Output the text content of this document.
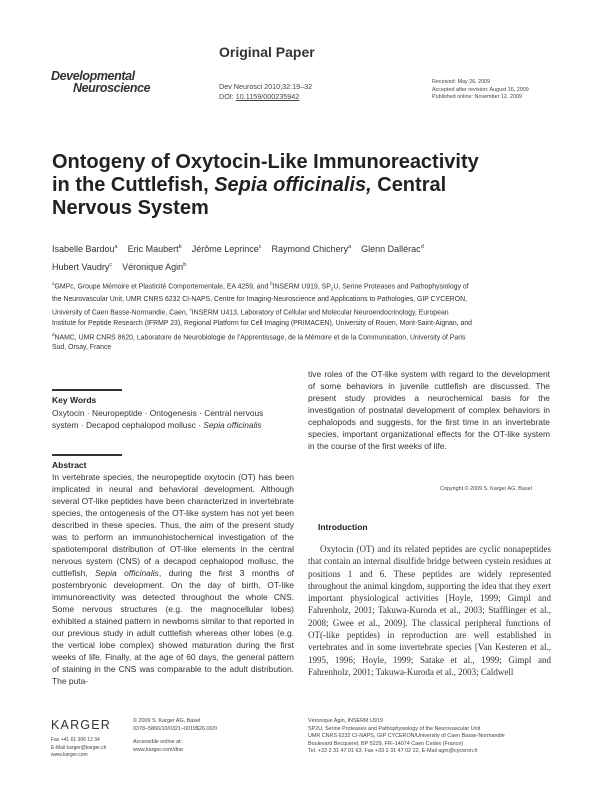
Original Paper
Developmental
Neuroscience	Dev Neurosci 2010;32:19–32
DOI: 10.1159/000235942
Received: May 26, 2009
Accepted after revision: August 16, 2009
Published online: November 12, 2009
Ontogeny of Oxytocin-Like Immunoreactivity in the Cuttlefish, Sepia officinalis, Central Nervous System
Isabelle Bardou$^a$ Eric Maubert$^b$ Jérôme Leprince$^c$ Raymond Chichery$^a$ Glenn Dallérac$^d$
Hubert Vaudry$^c$ Véronique Agin$^b$
$^a$GMPc, Groupe Mémoire et Plasticité Comportementale, EA 4259, and $^b$INSERM U919, $SP_2U$, Serine Proteases and Pathophysiology of the Neurovascular Unit, UMR CNRS 6232 CI-NAPS, Centre for Imaging-Neuroscience and Applications to Pathologies, GIP CYCERON, University of Caen Basse-Normandie, Caen, $^c$INSERM U413, Laboratory of Cellular and Molecular Neuroendocrinology, European Institute for Peptide Research (IFRMP 23), Regional Platform for Cell Imaging (PRIMACEN), University of Rouen, Mont-Saint-Aignan, and $^d$NAMC, UMR CNRS 8620, Laboratoire de Neurobiologie de l’Apprentissage, de la Mémoire et de la Communication, University of Paris Sud, Orsay, France
Key Words
Oxytocin · Neuropeptide · Ontogenesis · Central nervous system · Decapod cephalopod mollusc · Sepia officinalis
Abstract
In vertebrate species, the neuropeptide oxytocin (OT) has been implicated in neural and behavioral development. Although several OT-like peptides have been characterized in invertebrate species, the ontogenesis of the OT-like system has not yet been described in these species. Thus, the aim of the present study was to perform an immunohistochemical investigation of the spatiotemporal distribution of OT-like elements in the central nervous system (CNS) of a decapod cephalopod mollusc, the cuttlefish, Sepia officinalis, during the first 3 months of postembryonic development. On the day of birth, OT-like immunoreactivity was detected throughout the whole CNS. Some nervous structures (e.g. the magnocellular lobes) exhibited a stained pattern in newborns similar to that reported in our previous study in adult cuttlefish whereas other lobes (e.g. the vertical lobe complex) showed maturation during the first weeks of life. Finally, at the age of 60 days, the general pattern of staining in the CNS was comparable to the adult distribution. The puta-
tive roles of the OT-like system with regard to the development of some behaviors in juvenile cuttlefish are discussed. The present study provides a neurochemical basis for the investigation of postnatal development of complex behaviors in cephalopods and suggests, for the first time in an invertebrate species, important organizational effects for the OT-like system in the course of the first weeks of life.
Copyright © 2009 S. Karger AG, Basel
Introduction
Oxytocin (OT) and its related peptides are cyclic nonapeptides that contain an internal disulfide bridge between cystein residues at positions 1 and 6. These peptides are widely represented throughout the animal kingdom, supporting the idea that they exert important physiological activities [Hoyle, 1999; Gimpl and Fahrenholz, 2001; Takuwa-Kuroda et al., 2003; Stafflinger et al., 2008; Gwee et al., 2009]. The classical peripheral functions of OT(-like peptides) in reproduction are well established in vertebrates and in some invertebrate species [Van Kesteren et al., 1995, 1996; Hoyle, 1999; Satake et al., 1999; Gimpl and Fahrenholz, 2001; Takuwa-Kuroda et al., 2003; Caldwell
KARGER
Fax +41 61 306 12 34
E-Mail karger@karger.ch
www.karger.com
© 2009 S. Karger AG, Basel
0378–5866/10/0321–0019$26.00/0
Accessible online at:
www.karger.com/dne
Véronique Agin, INSERM U919
SP2U, Serine Proteases and Pathophysiology of the Neurovascular Unit
UMR CNRS 6232 CI-NAPS, GIP CYCERON/University of Caen Basse-Normandie
Boulevard Becquerel, BP 5229, FR–14074 Caen Cedex (France)
Tel. +33 2 31 47 01 63, Fax +33 2 31 47 02 22, E-Mail agin@cyceron.fr
